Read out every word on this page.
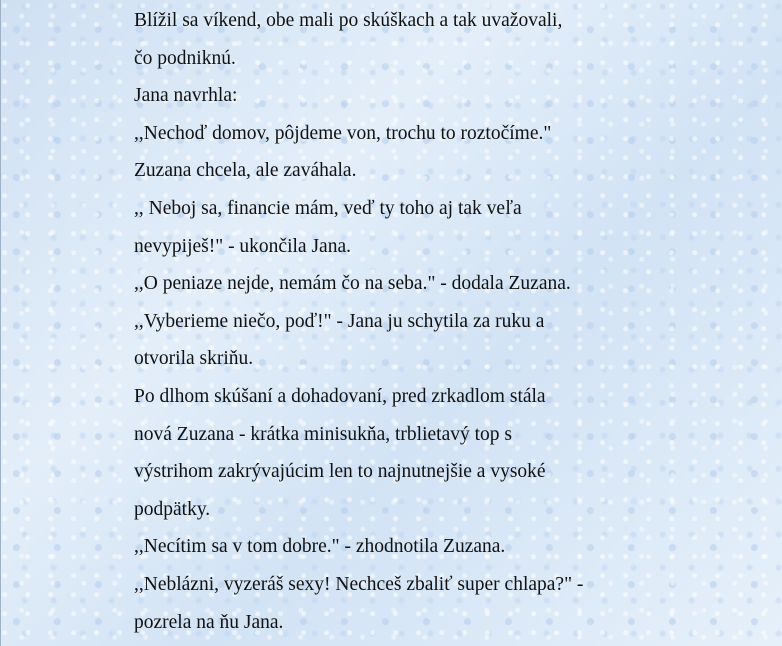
Blížil sa víkend, obe mali po skúškach a tak uvažovali,
čo podniknú.
Jana navrhla:
,,Nechoď domov, pôjdeme von, trochu to roztočíme."
Zuzana chcela, ale zaváhala.
,, Neboj sa, financie mám, veď ty toho aj tak veľa
nevypiješ!" - ukončila Jana.
,,O peniaze nejde, nemám čo na seba." - dodala Zuzana.
,,Vyberieme niečo, poď!" - Jana ju schytila za ruku a
otvorila skriňu.
Po dlhom skúšaní a dohadovaní, pred zrkadlom stála
nová Zuzana - krátka minisukňa, trblietavý top s
výstrihom zakrývajúcim len to najnutnejšie a vysoké
podpätky.
,,Necítim sa v tom dobre." - zhodnotila Zuzana.
,,Neblázni, vyzeráš sexy! Nechceš zbaliť super chlapa?" -
pozrela na ňu Jana.
